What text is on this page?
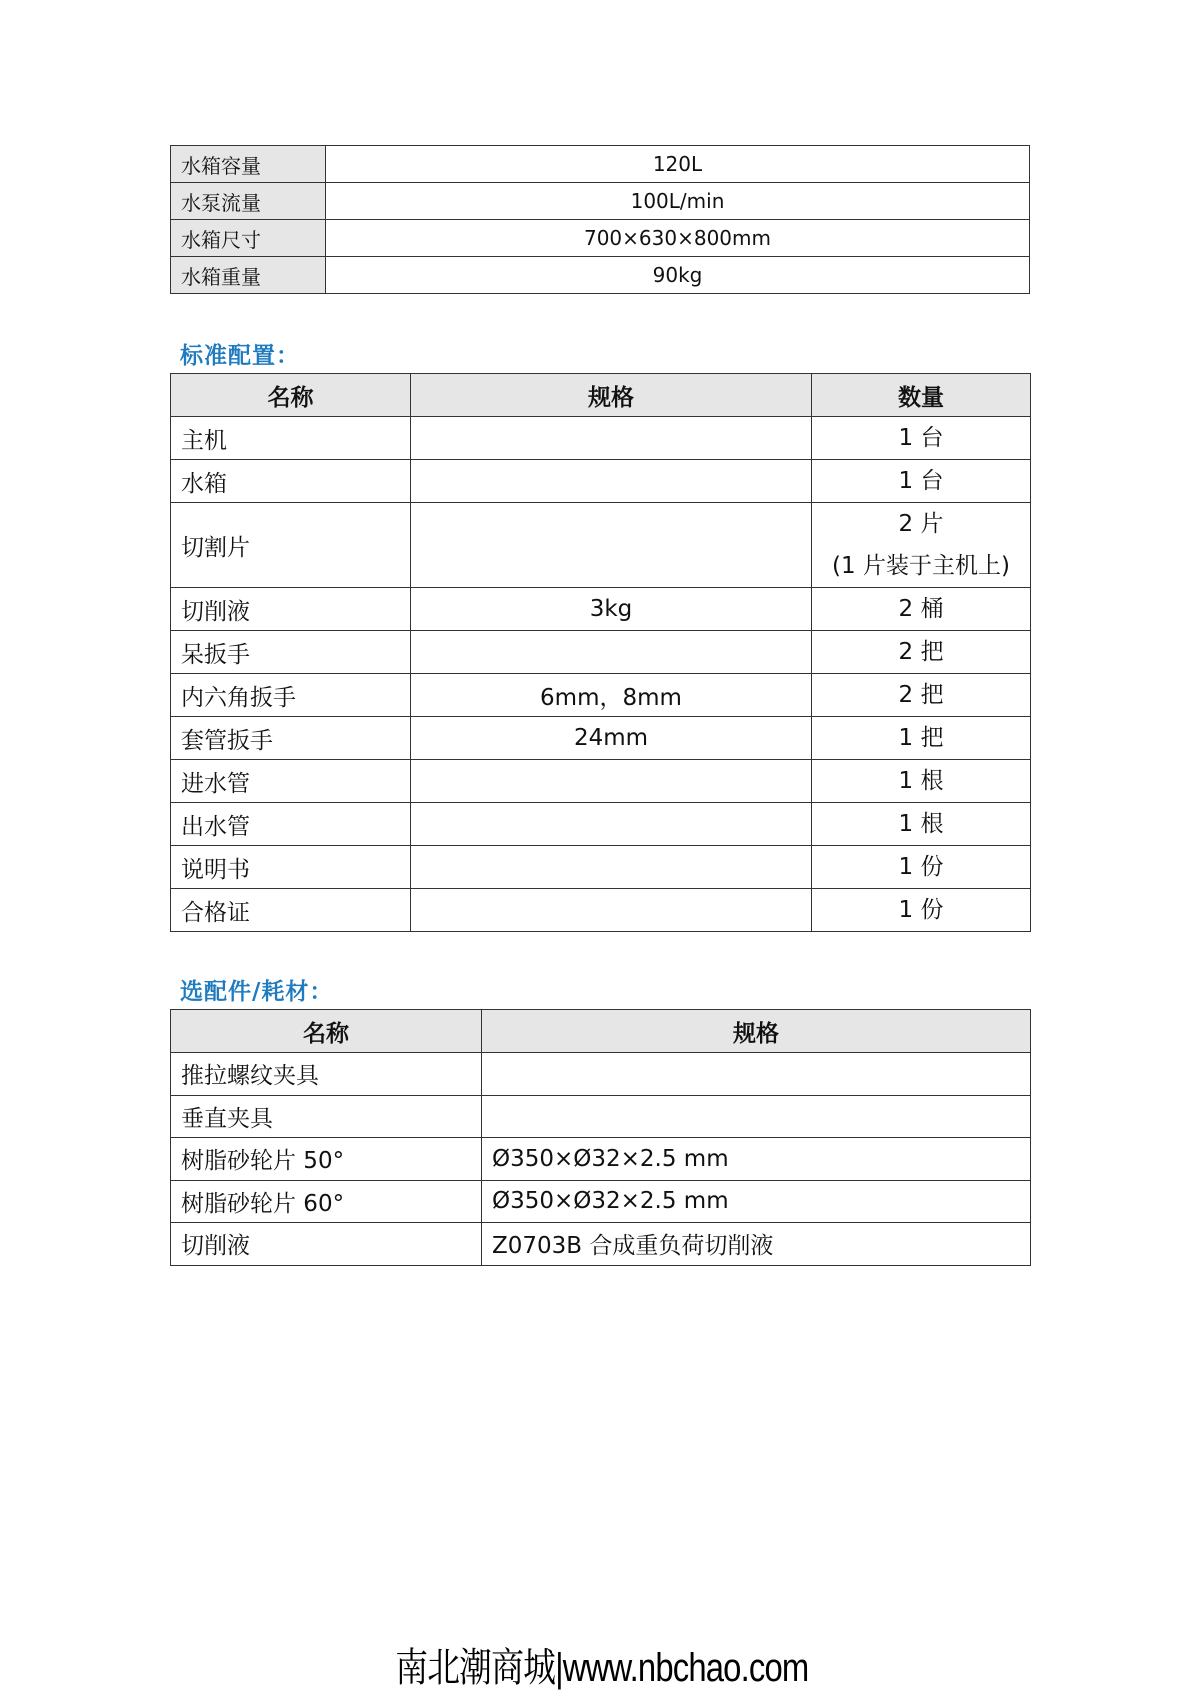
水箱容量	120L
水泵流量	100L/min
水箱尺寸	700×630×800mm
水箱重量	90kg
标准配置：
名称	规格	数量
主机		1 台
水箱		1 台
切割片		2 片
(1 片装于主机上)

切削液	3kg	2 桶
呆扳手		2 把
内六角扳手	6mm，8mm	2 把
套管扳手	24mm	1 把
进水管		1 根
出水管		1 根
说明书		1 份
合格证		1 份
选配件/耗材：
名称	规格
推拉螺纹夹具	
垂直夹具	
树脂砂轮片 50°	Ø350×Ø32×2.5 mm
树脂砂轮片 60°	Ø350×Ø32×2.5 mm
切削液	Z0703B 合成重负荷切削液
南北潮商城|www.nbchao.com
